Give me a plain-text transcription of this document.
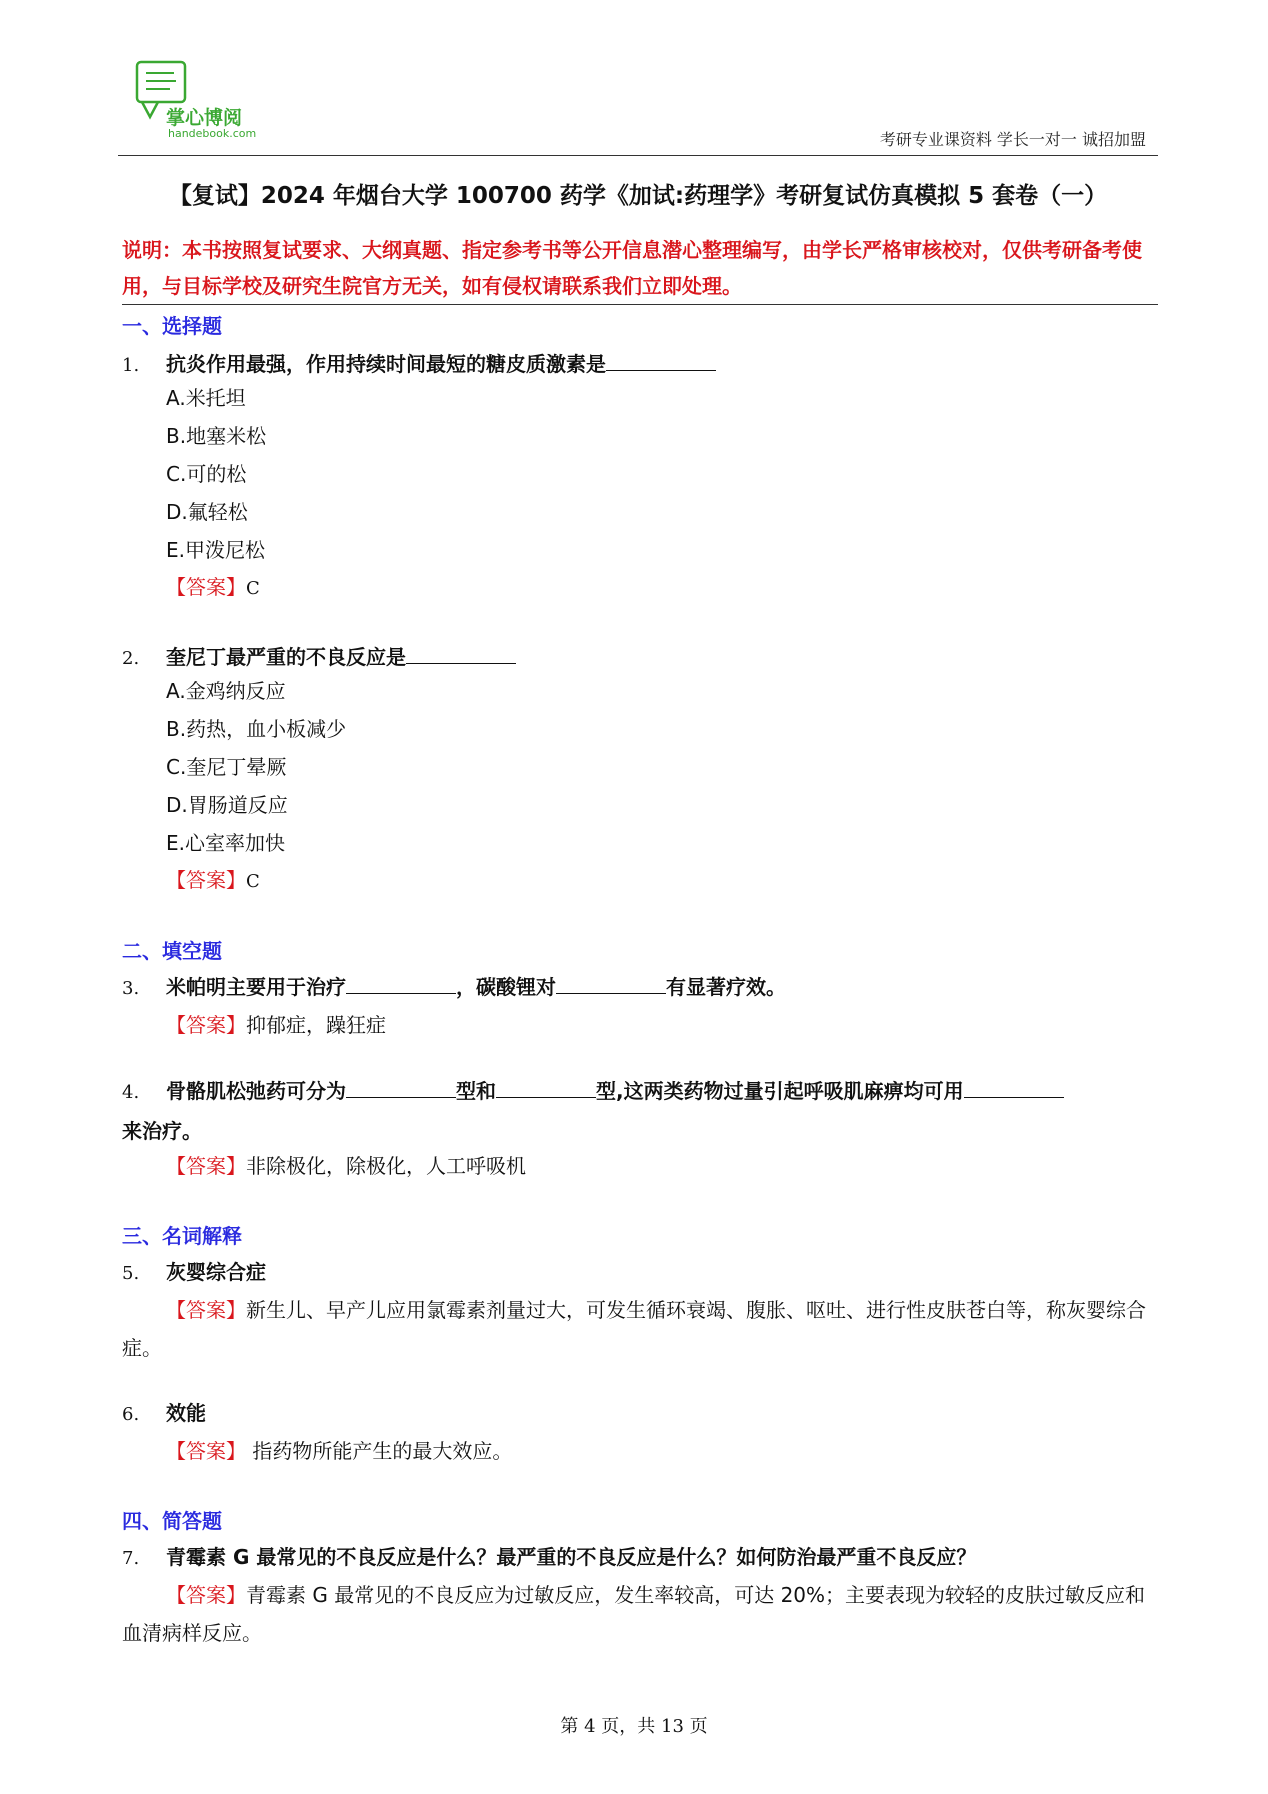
掌心博阅
handebook.com	考研专业课资料 学长一对一 诚招加盟
【复试】2024 年烟台大学 100700 药学《加试:药理学》考研复试仿真模拟 5 套卷（一）
说明：本书按照复试要求、大纲真题、指定参考书等公开信息潜心整理编写，由学长严格审核校对，仅供考研备考使用，与目标学校及研究生院官方无关，如有侵权请联系我们立即处理。
一、选择题
1. 抗炎作用最强，作用持续时间最短的糖皮质激素是
A.米托坦
B.地塞米松
C.可的松
D.氟轻松
E.甲泼尼松
【答案】C
2. 奎尼丁最严重的不良反应是
A.金鸡纳反应
B.药热，血小板减少
C.奎尼丁晕厥
D.胃肠道反应
E.心室率加快
【答案】C
二、填空题
3. 米帕明主要用于治疗	，碳酸锂对	有显著疗效。
【答案】抑郁症，躁狂症
4. 骨骼肌松弛药可分为	型和	型,这两类药物过量引起呼吸肌麻痹均可用
来治疗。
【答案】非除极化，除极化，人工呼吸机
三、名词解释
5. 灰婴综合症
【答案】新生儿、早产儿应用氯霉素剂量过大，可发生循环衰竭、腹胀、呕吐、进行性皮肤苍白等，称灰婴综合症。
6. 效能
【答案】 指药物所能产生的最大效应。
四、简答题
7. 青霉素 G 最常见的不良反应是什么？最严重的不良反应是什么？如何防治最严重不良反应？
【答案】青霉素 G 最常见的不良反应为过敏反应，发生率较高，可达 20%；主要表现为较轻的皮肤过敏反应和血清病样反应。
第 4 页，共 13 页
